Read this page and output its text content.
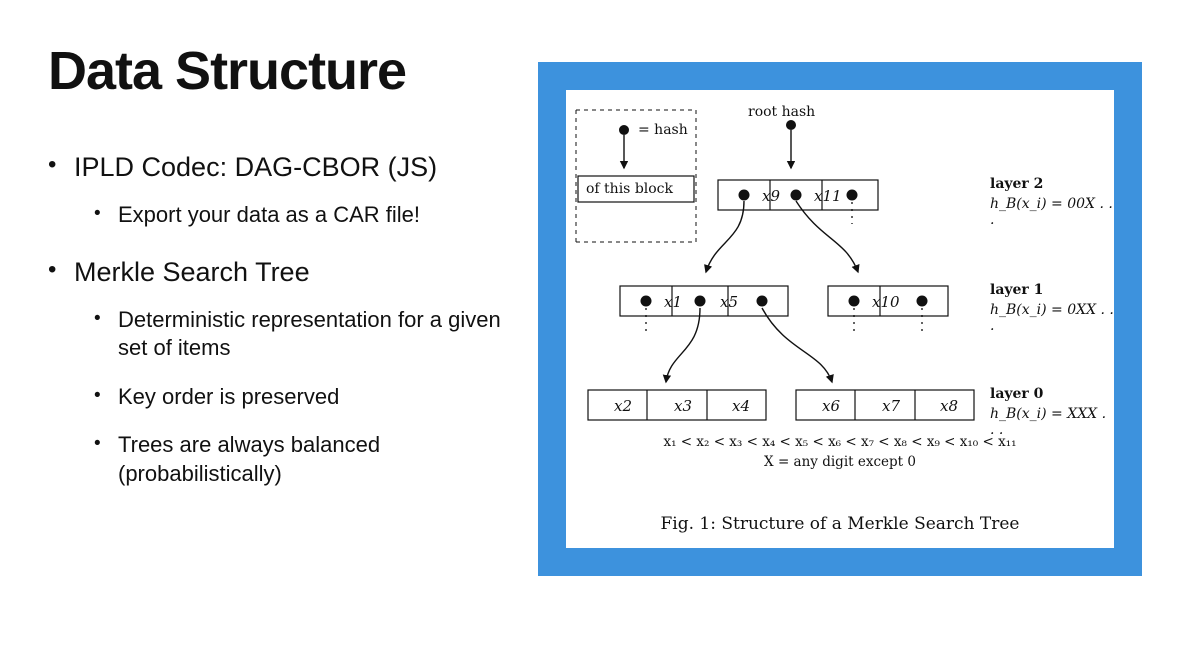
Data Structure
• IPLD Codec: DAG-CBOR (JS)
• Export your data as a CAR file!
• Merkle Search Tree
• Deterministic representation for a given set of items
• Key order is preserved
• Trees are always balanced (probabilistically)
= hash
of this block
root hash
x9 x11
x1	x5	x10
x2	x3	x4	x6	x7	x8
layer 2
h_B(x_i) = 00X . . .
layer 1
h_B(x_i) = 0XX . . .
layer 0
h_B(x_i) = XXX . . .
x₁ < x₂ < x₃ < x₄ < x₅ < x₆ < x₇ < x₈ < x₉ < x₁₀ < x₁₁
X = any digit except 0
Fig. 1: Structure of a Merkle Search Tree
